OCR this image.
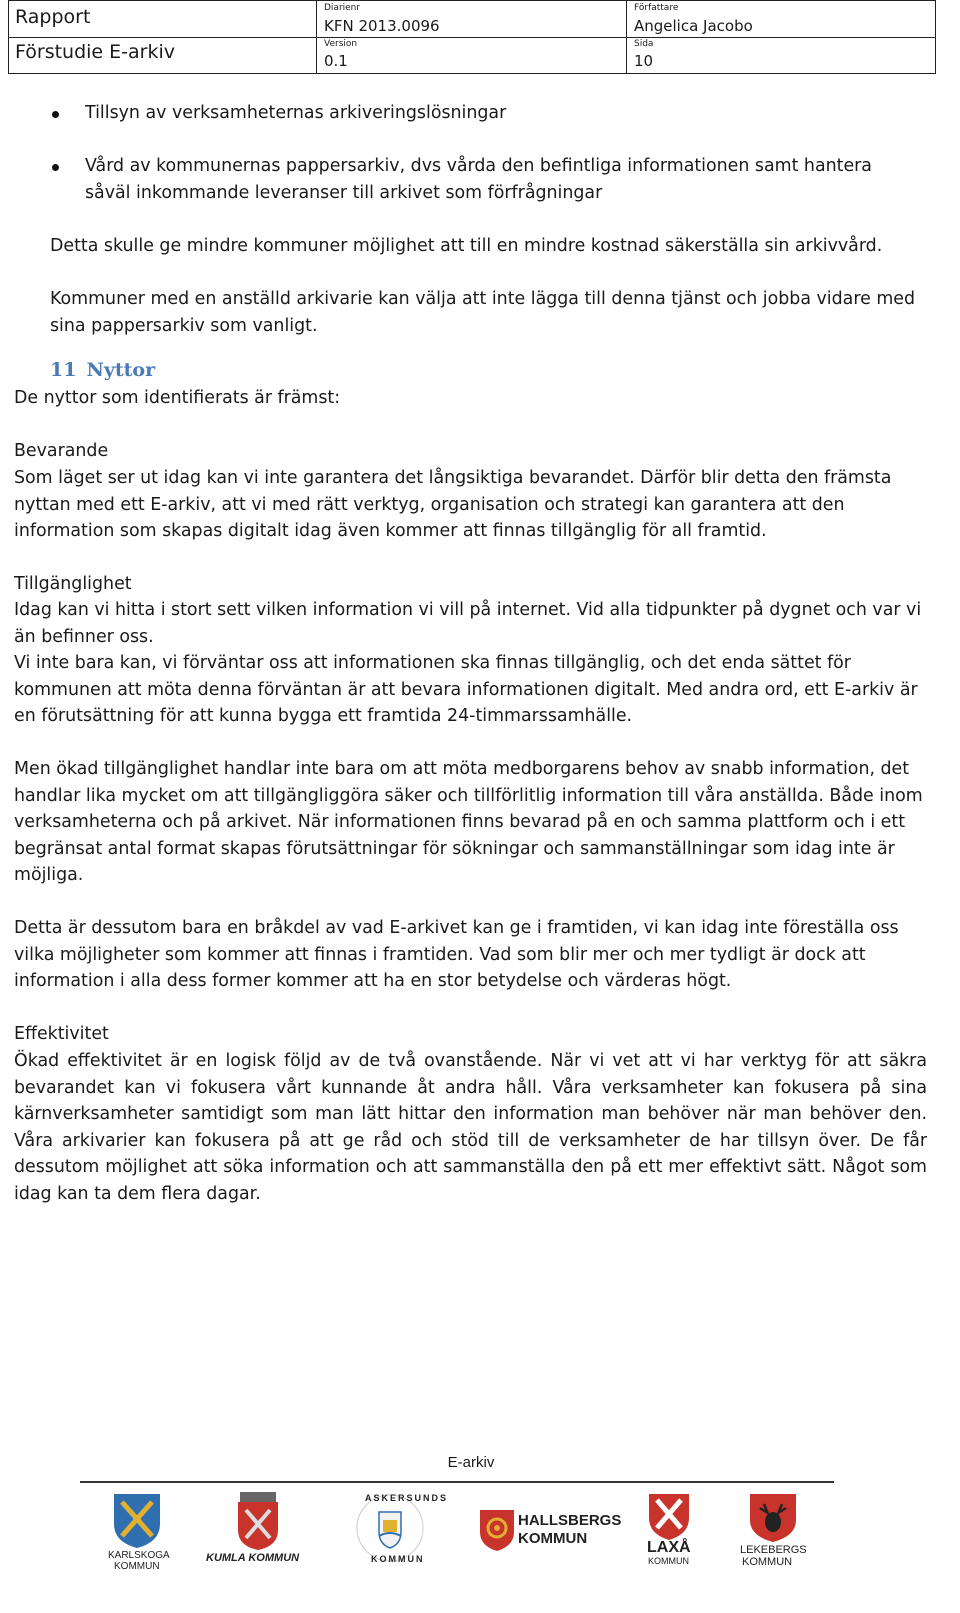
Rapport
Förstudie E-arkiv
Diarienr
KFN 2013.0096
Version
0.1
Författare
Angelica Jacobo
Sida
10

Tillsyn av verksamheternas arkiveringslösningar

Vård av kommunernas pappersarkiv, dvs vårda den befintliga informationen samt hantera

såväl inkommande leveranser till arkivet som förfrågningar

Detta skulle ge mindre kommuner möjlighet att till en mindre kostnad säkerställa sin arkivvård.

Kommuner med en anställd arkivarie kan välja att inte lägga till denna tjänst och jobba vidare med sina pappersarkiv som vanligt.

11 Nyttor

De nyttor som identifierats är främst:

Bevarande

Som läget ser ut idag kan vi inte garantera det långsiktiga bevarandet. Därför blir detta den främsta nyttan med ett E-arkiv, att vi med rätt verktyg, organisation och strategi kan garantera att den information som skapas digitalt idag även kommer att finnas tillgänglig för all framtid.

Tillgänglighet

Idag kan vi hitta i stort sett vilken information vi vill på internet. Vid alla tidpunkter på dygnet och var vi än befinner oss.

Vi inte bara kan, vi förväntar oss att informationen ska finnas tillgänglig, och det enda sättet för kommunen att möta denna förväntan är att bevara informationen digitalt. Med andra ord, ett E-arkiv är en förutsättning för att kunna bygga ett framtida 24-timmarssamhälle.

Men ökad tillgänglighet handlar inte bara om att möta medborgarens behov av snabb information, det handlar lika mycket om att tillgängliggöra säker och tillförlitlig information till våra anställda. Både inom verksamheterna och på arkivet. När informationen finns bevarad på en och samma plattform och i ett begränsat antal format skapas förutsättningar för sökningar och sammanställningar som idag inte är möjliga.

Detta är dessutom bara en bråkdel av vad E-arkivet kan ge i framtiden, vi kan idag inte föreställa oss vilka möjligheter som kommer att finnas i framtiden. Vad som blir mer och mer tydligt är dock att information i alla dess former kommer att ha en stor betydelse och värderas högt.

Effektivitet

Ökad effektivitet är en logisk följd av de två ovanstående. När vi vet att vi har verktyg för att säkra bevarandet kan vi fokusera vårt kunnande åt andra håll. Våra verksamheter kan fokusera på sina kärnverksamheter samtidigt som man lätt hittar den information man behöver när man behöver den. Våra arkivarier kan fokusera på att ge råd och stöd till de verksamheter de har tillsyn över. De får dessutom möjlighet att söka information och att sammanställa den på ett mer effektivt sätt. Något som idag kan ta dem flera dagar.

E-arkiv
KARLSKOGA
KOMMUN
KUMLA KOMMUN
ASKERSUNDS
KOMMUN
HALLSBERGS
KOMMUN
LAXÅ
KOMMUN
LEKEBERGS
KOMMUN
